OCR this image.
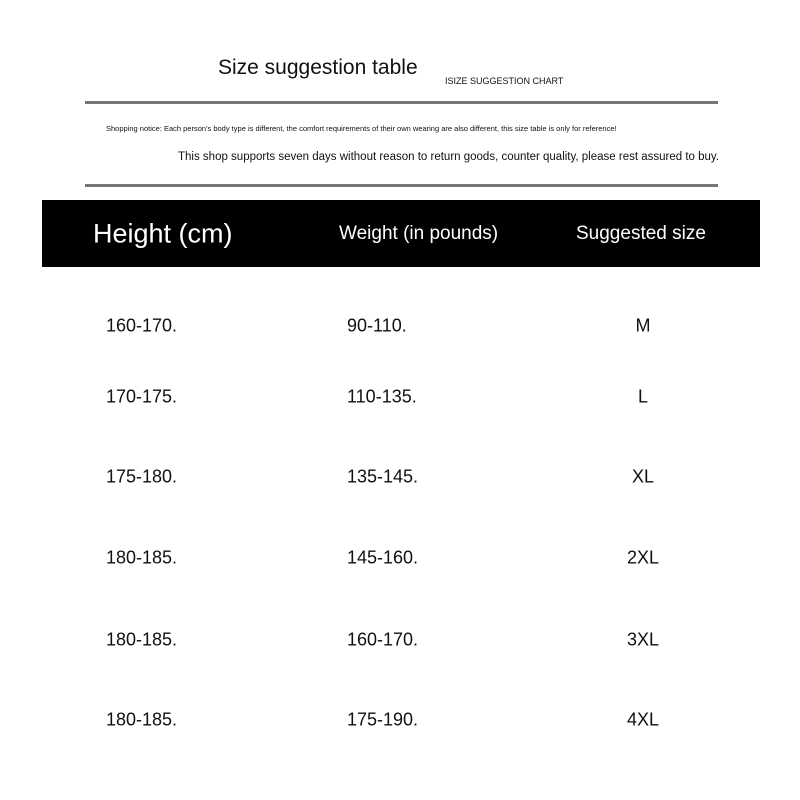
Size suggestion table
ISIZE SUGGESTION CHART
Shopping notice: Each person's body type is different, the comfort requirements of their own wearing are also different, this size table is only for reference!
This shop supports seven days without reason to return goods, counter quality, please rest assured to buy.
Height (cm)	Weight (in pounds)	Suggested size
160-170.	90-110.	M
170-175.	110-135.	L
175-180.	135-145.	XL
180-185.	145-160.	2XL
180-185.	160-170.	3XL
180-185.	175-190.	4XL
